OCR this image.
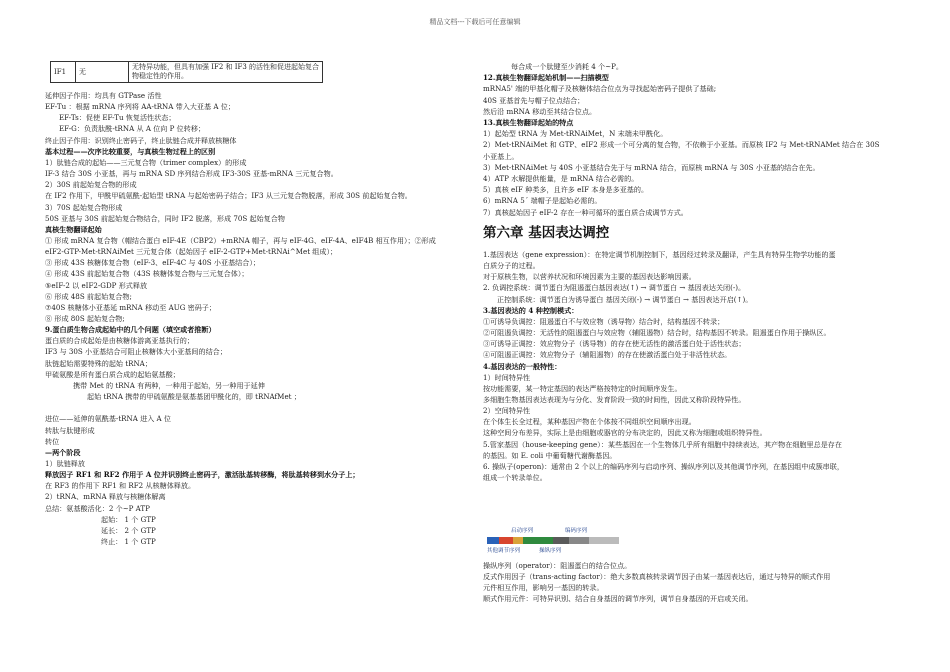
精品文档---下载后可任意编辑
IF1	无	
无特异功能，但具有加强 IF2 和 IF3 的活性和促进起始复合
物稳定性的作用。
延伸因子作用：均具有 GTPase 活性
EF-Tu ：根据 mRNA 序列将 AA-tRNA 带入大亚基 A 位；
EF-Ts：促使 EF-Tu 恢复活性状态；
EF-G：负责肽酰-tRNA 从 A 位向 P 位转移；
终止因子作用：识别终止密码子，终止肽链合成并释放核糖体
基本过程——次序比较重要，与真核生物过程上的区别
1）肽链合成的起始——三元复合物（trimer complex）的形成
IF-3 结合 30S 小亚基，再与 mRNA SD 序列结合形成 IF3-30S 亚基-mRNA 三元复合物。
2）30S 前起始复合物的形成
在 IF2 作用下，甲酰甲硫氨酰-起始型 tRNA 与起始密码子结合；IF3 从三元复合物脱落，形成 30S 前起始复合物。
3）70S 起始复合物形成
50S 亚基与 30S 前起始复合物结合，同时 IF2 脱落，形成 70S 起始复合物
真核生物翻译起始
① 形成 mRNA 复合物（帽结合蛋白 eIF-4E（CBP2）+mRNA 帽子，再与 eIF-4G、eIF-4A、eIF4B 相互作用）；②形成
eIF2-GTP-Met-tRNAiMet 三元复合体（起始因子 eIF-2-GTP+Met-tRNAi^Met 组成）；
③ 形成 43S 核糖体复合物（eIF-3、eIF-4C 与 40S 小亚基结合）；
④ 形成 43S 前起始复合物（43S 核糖体复合物与三元复合体）；
⑤eIF-2 以 eIF2-GDP 形式释放
⑥ 形成 48S 前起始复合物;
⑦40S 核糖体小亚基延 mRNA 移动至 AUG 密码子；
⑧ 形成 80S 起始复合物;
9.蛋白质生物合成起始中的几个问题（填空或者推断）
蛋白质的合成起始是由核糖体游离亚基执行的；
IF3 与 30S 小亚基结合可阻止核糖体大小亚基间的结合；
肽链起始需要特殊的起始 tRNA；
甲硫氨酸是所有蛋白质合成的起始氨基酸；
携带 Met 的 tRNA 有两种，一种用于起始，另一种用于延伸
起始 tRNA 携带的甲硫氨酸是氨基基团甲酰化的，即 tRNAfMet ；
进位——延伸的氨酰基-tRNA 进入 A 位
转肽与肽键形成
转位
—两个阶段
1）肽链释放
释放因子 RF1 和 RF2 作用于 A 位并识别终止密码子，激活肽基转移酶，将肽基转移到水分子上；
在 RF3 的作用下 RF1 和 RF2 从核糖体释放。
2）tRNA、mRNA 释放与核糖体解离
总结：氨基酸活化：2 个~P ATP
起始： 1 个 GTP
延长： 2 个 GTP
终止： 1 个 GTP
每合成一个肽键至少消耗 4 个~P。
12.真核生物翻译起始机制——扫描模型
mRNA5' 端的甲基化帽子及核糖体结合位点为寻找起始密码子提供了基础;
40S 亚基首先与帽子位点结合；
然后沿 mRNA 移动至其结合位点。
13.真核生物翻译起始的特点
1）起始型 tRNA 为 Met-tRNAiMet，N 末端未甲酰化。
2）Met-tRNAiMet 和 GTP、eIF2 形成一个可分离的复合物，不依赖于小亚基。而原核 IF2 与 Met-tRNAMet 结合在 30S
小亚基上。
3）Met-tRNAiMet 与 40S 小亚基结合先于与 mRNA 结合，而原核 mRNA 与 30S 小亚基的结合在先。
4）ATP 水解提供能量，是 mRNA 结合必需的。
5）真核 eIF 种类多，且许多 eIF 本身是多亚基的。
6）mRNA 5´ 端帽子是起始必需的。
7）真核起始因子 eIF-2 存在一种可循环的蛋白质合成调节方式。
第六章 基因表达调控
1.基因表达（gene expression）：在特定调节机制控制下，基因经过转录及翻译，产生具有特异生物学功能的蛋
白质分子的过程。
对于原核生物，以营养状况和环境因素为主要的基因表达影响因素。
2. 负调控系统：调节蛋白为阻遏蛋白基因表达(↑) → 调节蛋白 → 基因表达关闭(-)。
正控制系统：调节蛋白为诱导蛋白 基因关闭(-) → 调节蛋白 → 基因表达开启(↑)。
3.基因表达的 4 种控制模式：
①可诱导负调控：阻遏蛋白不与效应物（诱导物）结合时，结构基因不转录；
②可阻遏负调控：无活性的阻遏蛋白与效应物（辅阻遏物）结合时，结构基因不转录。阻遏蛋白作用于操纵区。
③可诱导正调控：效应物分子（诱导物）的存在使无活性的激活蛋白处于活性状态；
④可阻遏正调控：效应物分子（辅阻遏物）的存在使激活蛋白处于非活性状态。
4.基因表达的一般特性：
1）时间特异性
按功能需要，某一特定基因的表达严格按特定的时间顺序发生。
多细胞生物基因表达表现为与分化、发育阶段一致的时间性，因此又称阶段特异性。
2）空间特异性
在个体生长全过程，某种基因产物在个体按不同组织空间顺序出现。
这种空间分布差异，实际上是由细胞或器官的分布决定的，因此又称为细胞或组织特异性。
5.管家基因（house-keeping gene）：某些基因在一个生物体几乎所有细胞中持续表达，其产物在细胞里总是存在
的基因。如 E. coli 中葡萄糖代谢酶基因。
6. 操纵子(operon)：通常由 2 个以上的编码序列与启动序列、操纵序列以及其他调节序列，在基因组中成簇串联，
组成一个转录单位。
启动序列	编码序列
其他调节序列	操纵序列
操纵序列（operator）：阻遏蛋白的结合位点。
反式作用因子（trans-acting factor）：绝大多数真核转录调节因子由某一基因表达后，通过与特异的顺式作用
元件相互作用，影响另一基因的转录。
顺式作用元件：可特异识别、结合自身基因的调节序列，调节自身基因的开启或关闭。
